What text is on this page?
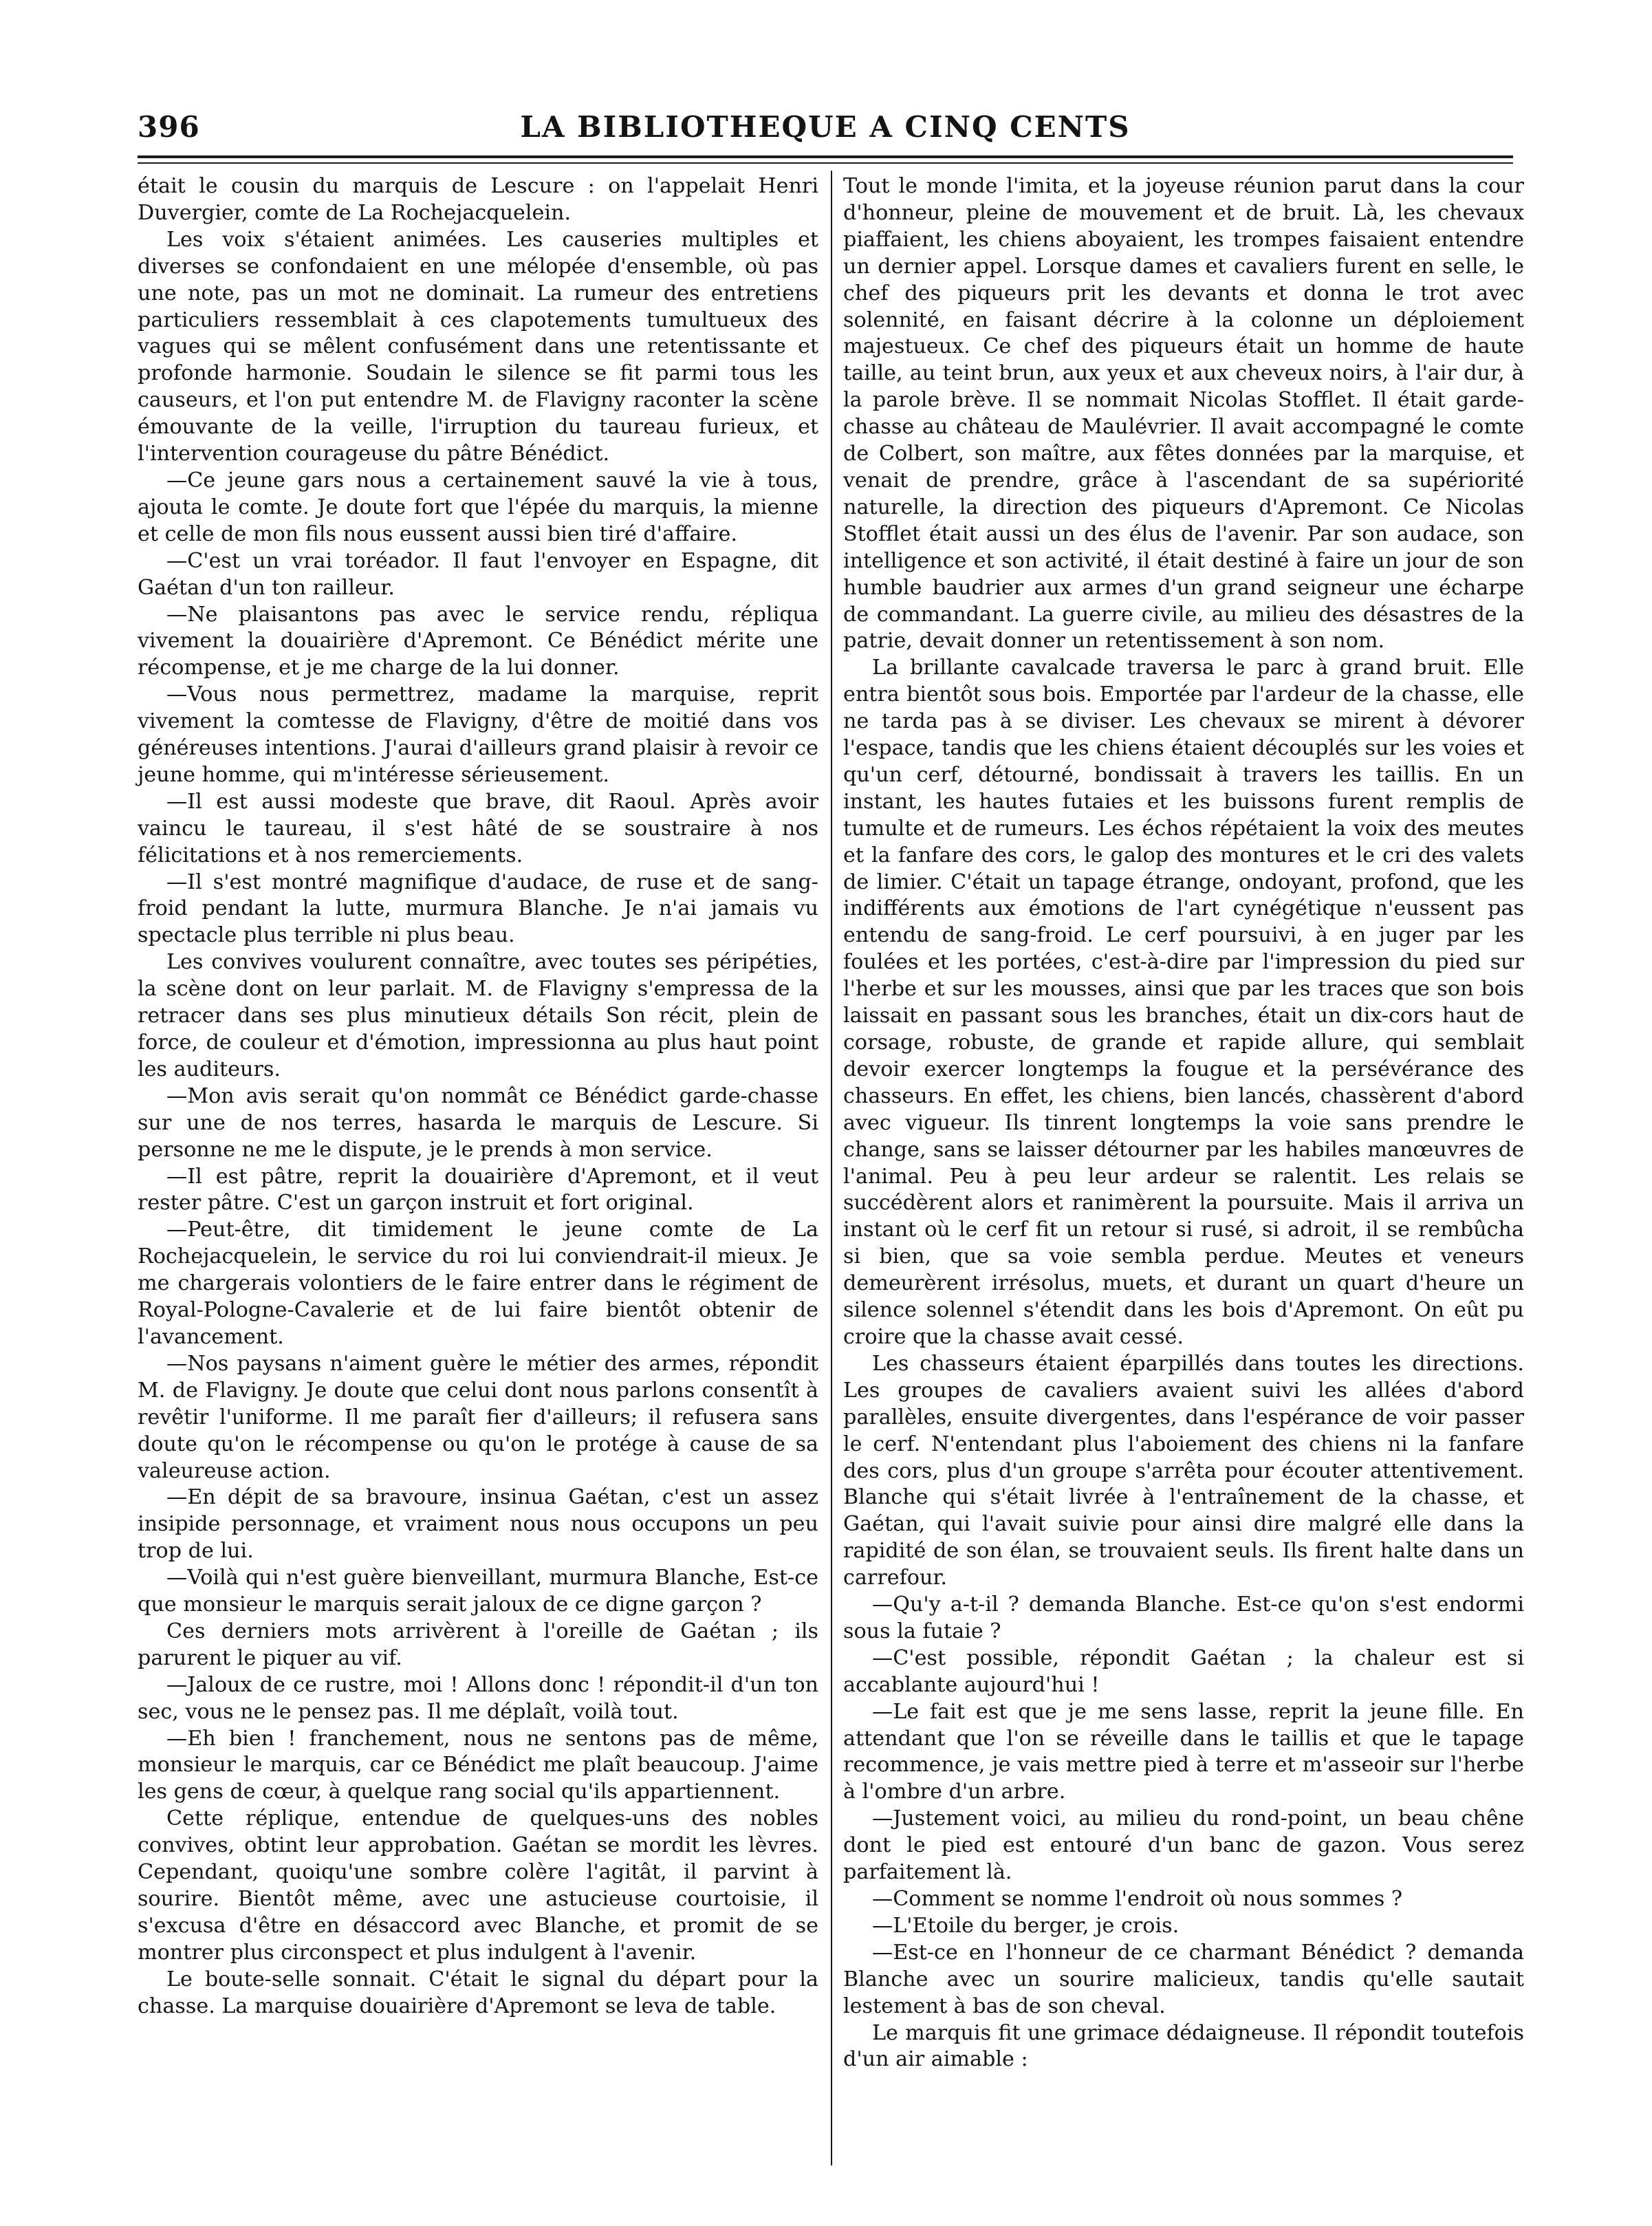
396	LA BIBLIOTHEQUE A CINQ CENTS

était le cousin du marquis de Lescure : on l'appelait Henri Duvergier, comte de La Rochejacquelein.

Les voix s'étaient animées. Les causeries multiples et diverses se confondaient en une mélopée d'ensemble, où pas une note, pas un mot ne dominait. La rumeur des entretiens particuliers ressemblait à ces clapotements tumultueux des vagues qui se mêlent confusément dans une retentissante et profonde harmonie. Soudain le silence se fit parmi tous les causeurs, et l'on put entendre M. de Flavigny raconter la scène émouvante de la veille, l'irruption du taureau furieux, et l'intervention courageuse du pâtre Bénédict.

—Ce jeune gars nous a certainement sauvé la vie à tous, ajouta le comte. Je doute fort que l'épée du marquis, la mienne et celle de mon fils nous eussent aussi bien tiré d'affaire.

—C'est un vrai toréador. Il faut l'envoyer en Espagne, dit Gaétan d'un ton railleur.

—Ne plaisantons pas avec le service rendu, répliqua vivement la douairière d'Apremont. Ce Bénédict mérite une récompense, et je me charge de la lui donner.

—Vous nous permettrez, madame la marquise, reprit vivement la comtesse de Flavigny, d'être de moitié dans vos généreuses intentions. J'aurai d'ailleurs grand plaisir à revoir ce jeune homme, qui m'intéresse sérieusement.

—Il est aussi modeste que brave, dit Raoul. Après avoir vaincu le taureau, il s'est hâté de se soustraire à nos félicitations et à nos remerciements.

—Il s'est montré magnifique d'audace, de ruse et de sang-froid pendant la lutte, murmura Blanche. Je n'ai jamais vu spectacle plus terrible ni plus beau.

Les convives voulurent connaître, avec toutes ses péripéties, la scène dont on leur parlait. M. de Flavigny s'empressa de la retracer dans ses plus minutieux détails Son récit, plein de force, de couleur et d'émotion, impressionna au plus haut point les auditeurs.

—Mon avis serait qu'on nommât ce Bénédict garde-chasse sur une de nos terres, hasarda le marquis de Lescure. Si personne ne me le dispute, je le prends à mon service.

—Il est pâtre, reprit la douairière d'Apremont, et il veut rester pâtre. C'est un garçon instruit et fort original.

—Peut-être, dit timidement le jeune comte de La Rochejacquelein, le service du roi lui conviendrait-il mieux. Je me chargerais volontiers de le faire entrer dans le régiment de Royal-Pologne-Cavalerie et de lui faire bientôt obtenir de l'avancement.

—Nos paysans n'aiment guère le métier des armes, répondit M. de Flavigny. Je doute que celui dont nous parlons consentît à revêtir l'uniforme. Il me paraît fier d'ailleurs; il refusera sans doute qu'on le récompense ou qu'on le protége à cause de sa valeureuse action.

—En dépit de sa bravoure, insinua Gaétan, c'est un assez insipide personnage, et vraiment nous nous occupons un peu trop de lui.

—Voilà qui n'est guère bienveillant, murmura Blanche, Est-ce que monsieur le marquis serait jaloux de ce digne garçon ?

Ces derniers mots arrivèrent à l'oreille de Gaétan ; ils parurent le piquer au vif.

—Jaloux de ce rustre, moi ! Allons donc ! répondit-il d'un ton sec, vous ne le pensez pas. Il me déplaît, voilà tout.

—Eh bien ! franchement, nous ne sentons pas de même, monsieur le marquis, car ce Bénédict me plaît beaucoup. J'aime les gens de cœur, à quelque rang social qu'ils appartiennent.

Cette réplique, entendue de quelques-uns des nobles convives, obtint leur approbation. Gaétan se mordit les lèvres. Cependant, quoiqu'une sombre colère l'agitât, il parvint à sourire. Bientôt même, avec une astucieuse courtoisie, il s'excusa d'être en désaccord avec Blanche, et promit de se montrer plus circonspect et plus indulgent à l'avenir.

Le boute-selle sonnait. C'était le signal du départ pour la chasse. La marquise douairière d'Apremont se leva de table.

Tout le monde l'imita, et la joyeuse réunion parut dans la cour d'honneur, pleine de mouvement et de bruit. Là, les chevaux piaffaient, les chiens aboyaient, les trompes faisaient entendre un dernier appel. Lorsque dames et cavaliers furent en selle, le chef des piqueurs prit les devants et donna le trot avec solennité, en faisant décrire à la colonne un déploiement majestueux. Ce chef des piqueurs était un homme de haute taille, au teint brun, aux yeux et aux cheveux noirs, à l'air dur, à la parole brève. Il se nommait Nicolas Stofflet. Il était garde-chasse au château de Maulévrier. Il avait accompagné le comte de Colbert, son maître, aux fêtes données par la marquise, et venait de prendre, grâce à l'ascendant de sa supériorité naturelle, la direction des piqueurs d'Apremont. Ce Nicolas Stofflet était aussi un des élus de l'avenir. Par son audace, son intelligence et son activité, il était destiné à faire un jour de son humble baudrier aux armes d'un grand seigneur une écharpe de commandant. La guerre civile, au milieu des désastres de la patrie, devait donner un retentissement à son nom.

La brillante cavalcade traversa le parc à grand bruit. Elle entra bientôt sous bois. Emportée par l'ardeur de la chasse, elle ne tarda pas à se diviser. Les chevaux se mirent à dévorer l'espace, tandis que les chiens étaient découplés sur les voies et qu'un cerf, détourné, bondissait à travers les taillis. En un instant, les hautes futaies et les buissons furent remplis de tumulte et de rumeurs. Les échos répétaient la voix des meutes et la fanfare des cors, le galop des montures et le cri des valets de limier. C'était un tapage étrange, ondoyant, profond, que les indifférents aux émotions de l'art cynégétique n'eussent pas entendu de sang-froid. Le cerf poursuivi, à en juger par les foulées et les portées, c'est-à-dire par l'impression du pied sur l'herbe et sur les mousses, ainsi que par les traces que son bois laissait en passant sous les branches, était un dix-cors haut de corsage, robuste, de grande et rapide allure, qui semblait devoir exercer longtemps la fougue et la persévérance des chasseurs. En effet, les chiens, bien lancés, chassèrent d'abord avec vigueur. Ils tinrent longtemps la voie sans prendre le change, sans se laisser détourner par les habiles manœuvres de l'animal. Peu à peu leur ardeur se ralentit. Les relais se succédèrent alors et ranimèrent la poursuite. Mais il arriva un instant où le cerf fit un retour si rusé, si adroit, il se rembûcha si bien, que sa voie sembla perdue. Meutes et veneurs demeurèrent irrésolus, muets, et durant un quart d'heure un silence solennel s'étendit dans les bois d'Apremont. On eût pu croire que la chasse avait cessé.

Les chasseurs étaient éparpillés dans toutes les directions. Les groupes de cavaliers avaient suivi les allées d'abord parallèles, ensuite divergentes, dans l'espérance de voir passer le cerf. N'entendant plus l'aboiement des chiens ni la fanfare des cors, plus d'un groupe s'arrêta pour écouter attentivement. Blanche qui s'était livrée à l'entraînement de la chasse, et Gaétan, qui l'avait suivie pour ainsi dire malgré elle dans la rapidité de son élan, se trouvaient seuls. Ils firent halte dans un carrefour.

—Qu'y a-t-il ? demanda Blanche. Est-ce qu'on s'est endormi sous la futaie ?

—C'est possible, répondit Gaétan ; la chaleur est si accablante aujourd'hui !

—Le fait est que je me sens lasse, reprit la jeune fille. En attendant que l'on se réveille dans le taillis et que le tapage recommence, je vais mettre pied à terre et m'asseoir sur l'herbe à l'ombre d'un arbre.

—Justement voici, au milieu du rond-point, un beau chêne dont le pied est entouré d'un banc de gazon. Vous serez parfaitement là.

—Comment se nomme l'endroit où nous sommes ?

—L'Etoile du berger, je crois.

—Est-ce en l'honneur de ce charmant Bénédict ? demanda Blanche avec un sourire malicieux, tandis qu'elle sautait lestement à bas de son cheval.

Le marquis fit une grimace dédaigneuse. Il répondit toutefois d'un air aimable :
